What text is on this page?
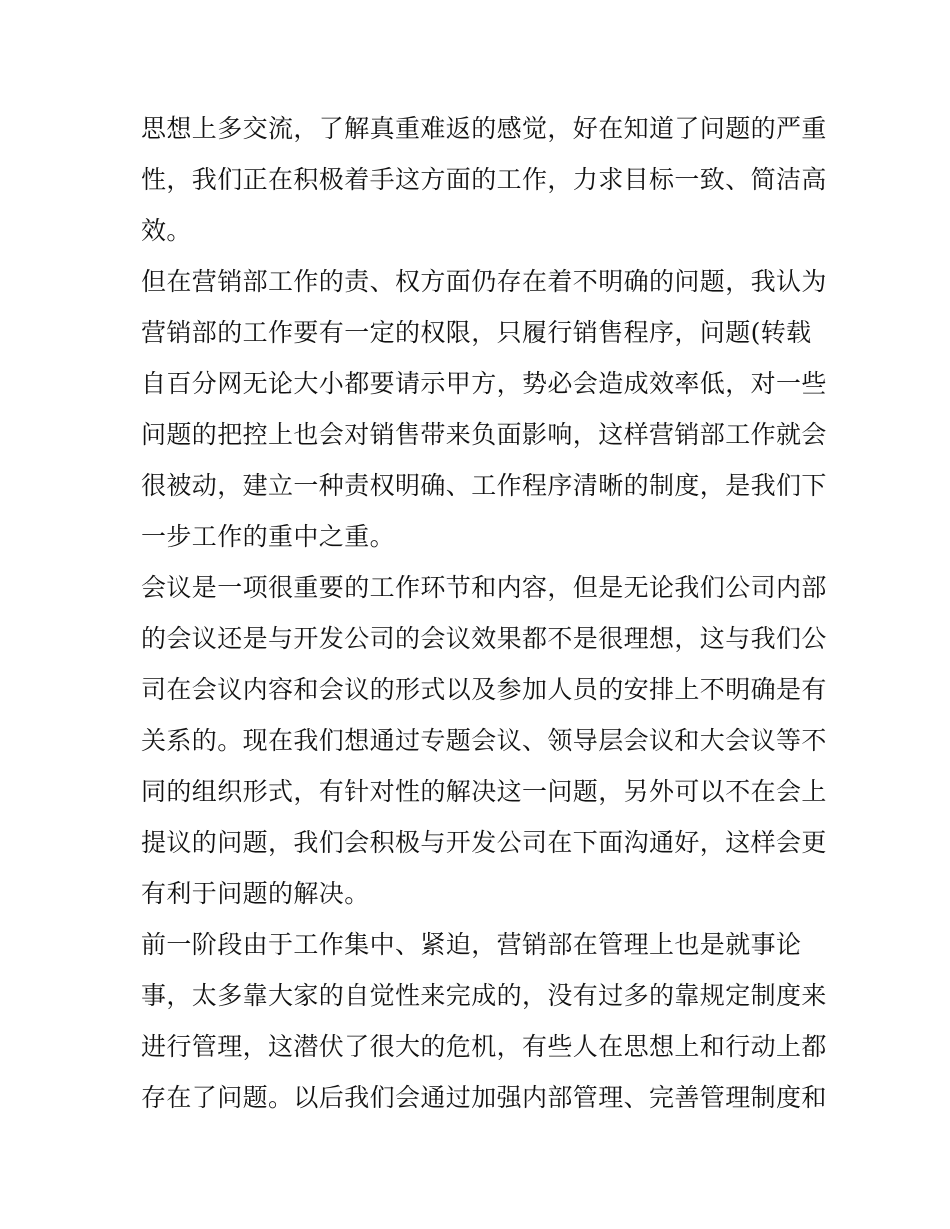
思想上多交流，了解真重难返的感觉，好在知道了问题的严重
性，我们正在积极着手这方面的工作，力求目标一致、简洁高
效。
但在营销部工作的责、权方面仍存在着不明确的问题，我认为
营销部的工作要有一定的权限，只履行销售程序，问题(转载
自百分网无论大小都要请示甲方，势必会造成效率低，对一些
问题的把控上也会对销售带来负面影响，这样营销部工作就会
很被动，建立一种责权明确、工作程序清晰的制度，是我们下
一步工作的重中之重。
会议是一项很重要的工作环节和内容，但是无论我们公司内部
的会议还是与开发公司的会议效果都不是很理想，这与我们公
司在会议内容和会议的形式以及参加人员的安排上不明确是有
关系的。现在我们想通过专题会议、领导层会议和大会议等不
同的组织形式，有针对性的解决这一问题，另外可以不在会上
提议的问题，我们会积极与开发公司在下面沟通好，这样会更
有利于问题的解决。
前一阶段由于工作集中、紧迫，营销部在管理上也是就事论
事，太多靠大家的自觉性来完成的，没有过多的靠规定制度来
进行管理，这潜伏了很大的危机，有些人在思想上和行动上都
存在了问题。以后我们会通过加强内部管理、完善管理制度和
